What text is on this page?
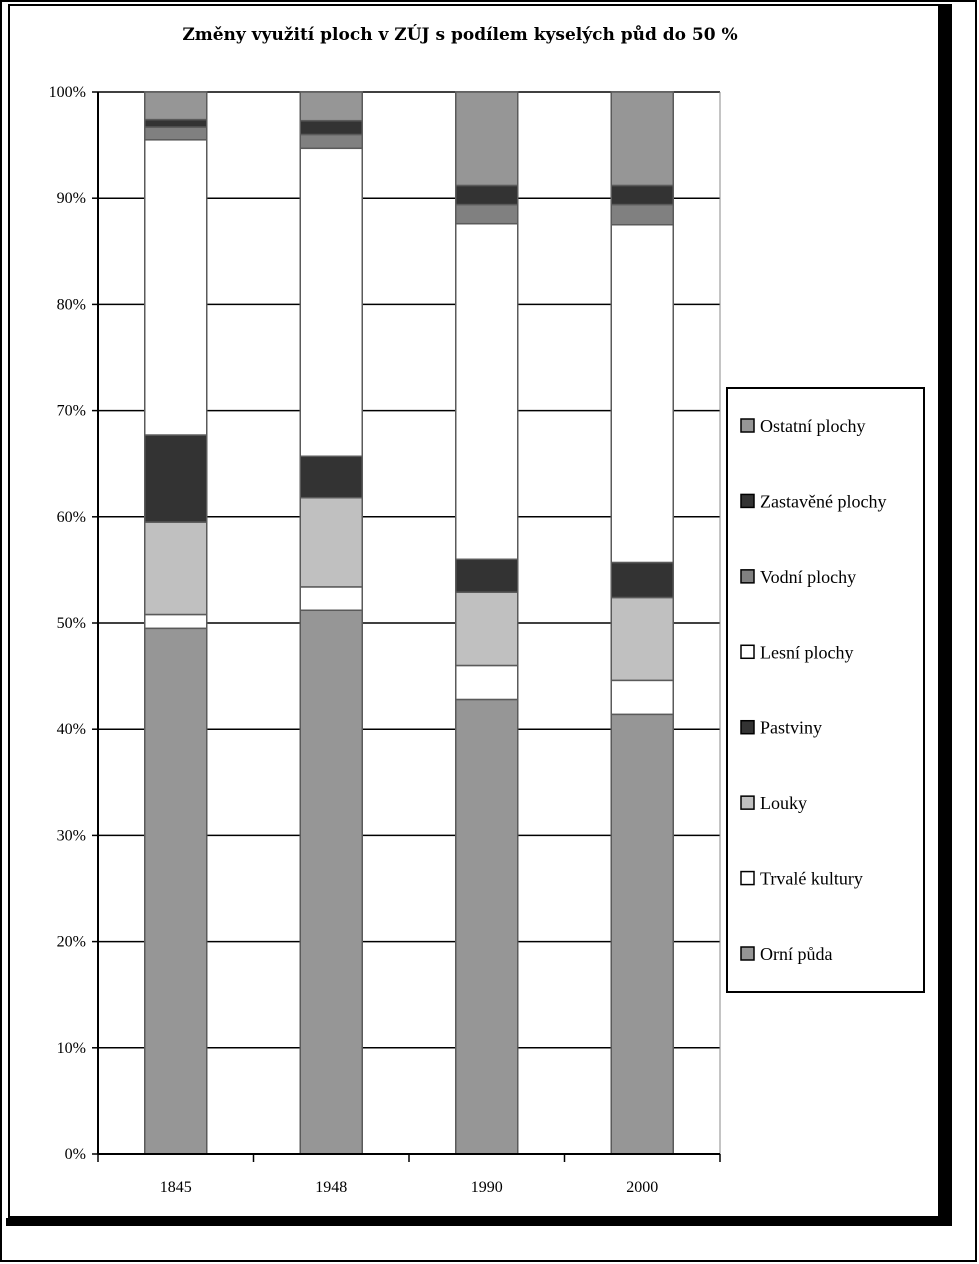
Změny využití ploch v ZÚJ s podílem kyselých půd do 50 %
0%
10%
20%
30%
40%
50%
60%
70%
80%
90%
100%
1845	1948	1990	2000
Ostatní plochy
Zastavěné plochy
Vodní plochy
Lesní plochy
Pastviny
Louky
Trvalé kultury
Orní půda
